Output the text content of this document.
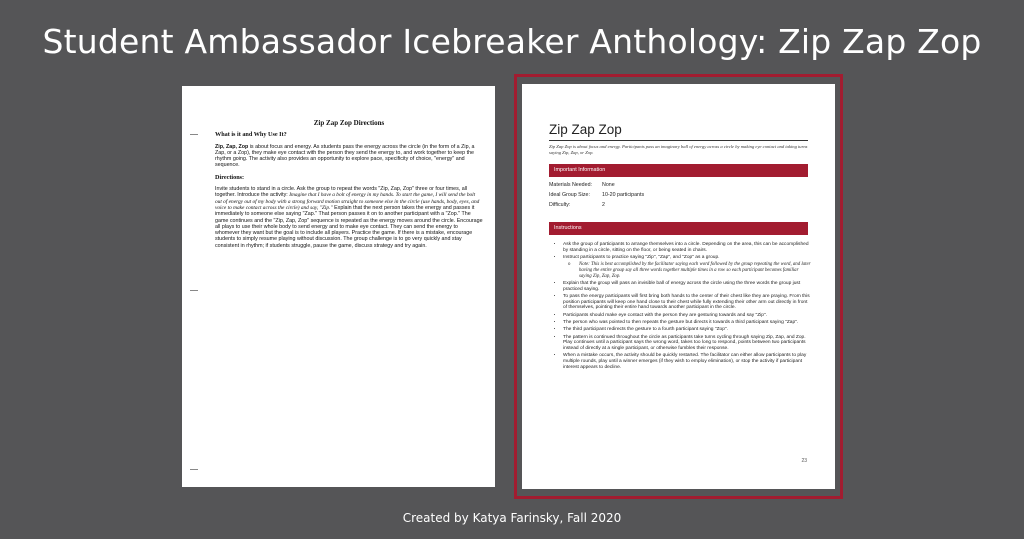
Student Ambassador Icebreaker Anthology: Zip Zap Zop
Zip Zap Zop Directions
What is it and Why Use It?

Zip, Zap, Zop is about focus and energy. As students pass the energy across the circle (in the form of a Zip, a Zap, or a Zop), they make eye contact with the person they send the energy to, and work together to keep the rhythm going. The activity also provides an opportunity to explore pace, specificity of choice, "energy" and sequence.

Directions:

Invite students to stand in a circle. Ask the group to repeat the words "Zip, Zap, Zop" three or four times, all together. Introduce the activity: Imagine that I have a bolt of energy in my hands. To start the game, I will send the bolt out of energy out of my body with a strong forward motion straight to someone else in the circle (use hands, body, eyes, and voice to make contact across the circle) and say, "Zip." Explain that the next person takes the energy and passes it immediately to someone else saying "Zap." That person passes it on to another participant with a "Zop." The game continues and the "Zip, Zap, Zop" sequence is repeated as the energy moves around the circle. Encourage all plays to use their whole body to send energy and to make eye contact. They can send the energy to whomever they want but the goal is to include all players. Practice the game. If there is a mistake, encourage students to simply resume playing without discussion. The group challenge is to go very quickly and stay consistent in rhythm; if students struggle, pause the game, discuss strategy and try again.

Zip Zap Zop
Zip Zap Zop is about focus and energy. Participants pass an imaginary ball of energy across a circle by making eye contact and taking turns saying Zip, Zap, or Zop.
Important Information
Materials Needed: None
Ideal Group Size: 10-20 participants
Difficulty:	2
Instructions
• Ask the group of participants to arrange themselves into a circle. Depending on the area, this can be accomplished by standing in a circle, sitting on the floor, or being seated in chairs.
• Instruct participants to practice saying "Zip", "Zap", and "Zop" as a group.
o Note: This is best accomplished by the facilitator saying each word followed by the group repeating the word, and later having the entire group say all three words together multiple times in a row so each participant becomes familiar saying Zip, Zap, Zop.
• Explain that the group will pass an invisible ball of energy across the circle using the three words the group just practiced saying.
• To pass the energy participants will first bring both hands to the center of their chest like they are praying. From this position participants will keep one hand close to their chest while fully extending their other arm out directly in front of themselves, pointing their entire hand towards another participant in the circle.
• Participants should make eye contact with the person they are gesturing towards and say "Zip".
• The person who was pointed to then repeats the gesture but directs it towards a third participant saying "Zap".
• The third participant redirects the gesture to a fourth participant saying "Zop".
• The pattern is continued throughout the circle as participants take turns cycling through saying Zip, Zap, and Zop. Play continues until a participant says the wrong word, takes too long to respond, points between two participants instead of directly at a single participant, or otherwise fumbles their response.
• When a mistake occurs, the activity should be quickly restarted. The facilitator can either allow participants to play multiple rounds, play until a winner emerges (if they wish to employ elimination), or stop the activity if participant interest appears to decline.
23
Created by Katya Farinsky, Fall 2020
